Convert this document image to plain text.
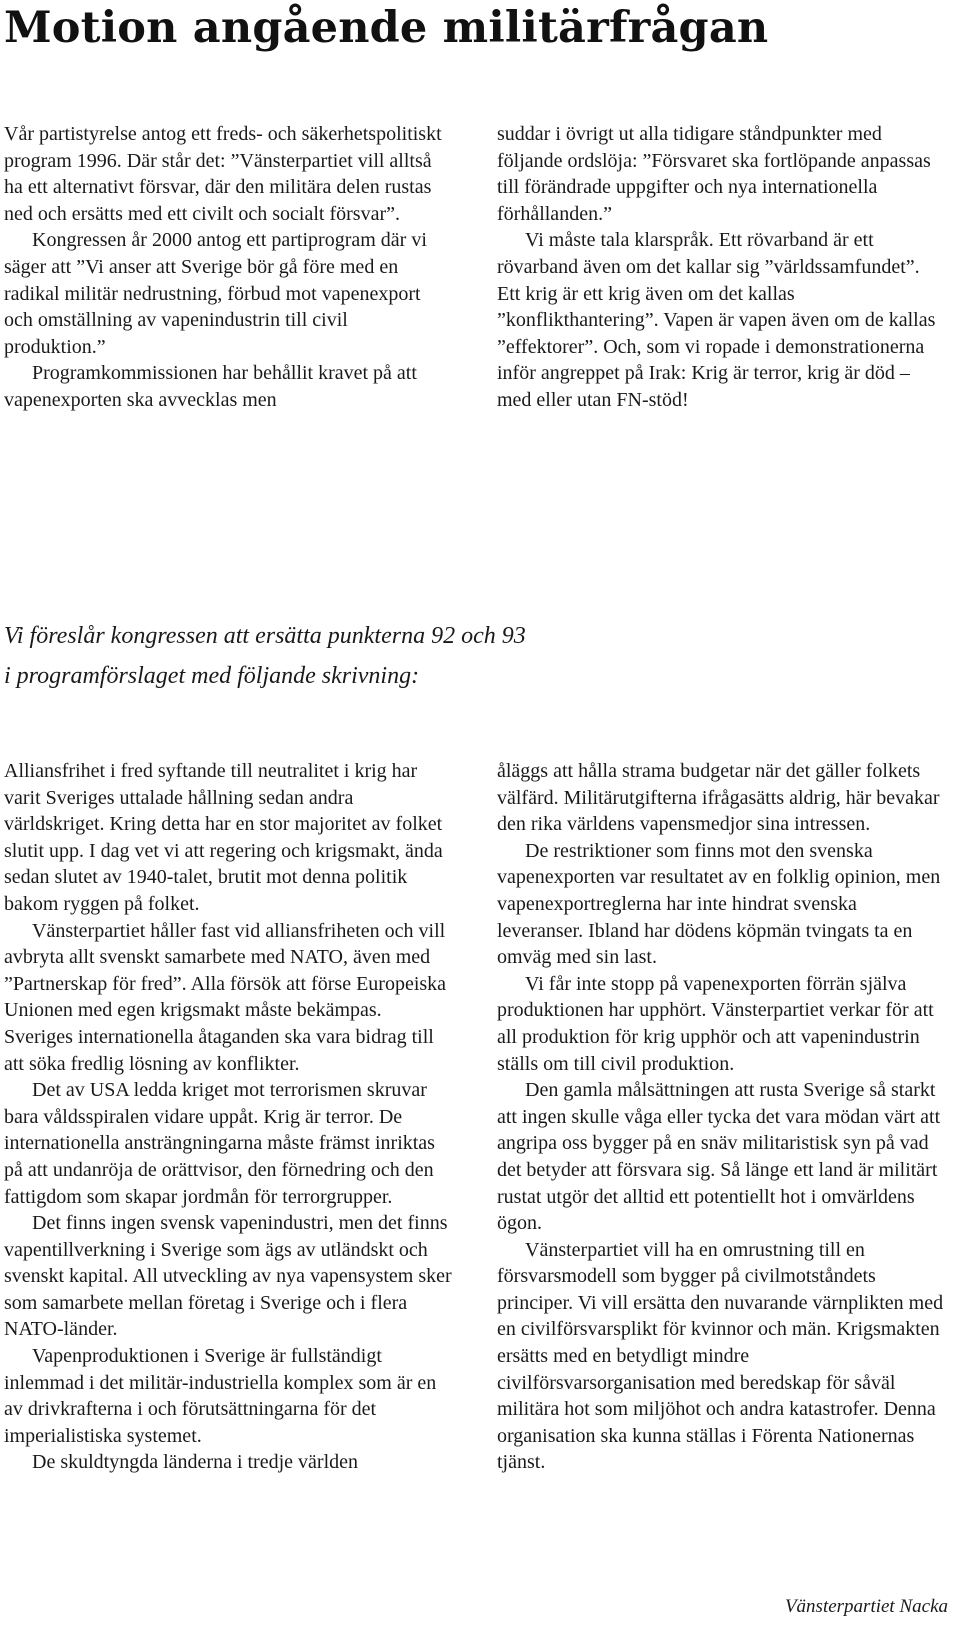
Motion angående militärfrågan

Vår partistyrelse antog ett freds- och säkerhetspolitiskt program 1996. Där står det: ”Vänsterpartiet vill alltså ha ett alternativt försvar, där den militära delen rustas ned och ersätts med ett civilt och socialt försvar”.

Kongressen år 2000 antog ett partiprogram där vi säger att ”Vi anser att Sverige bör gå före med en radikal militär nedrustning, förbud mot vapenexport och omställning av vapenindustrin till civil produktion.”

Programkommissionen har behållit kravet på att vapenexporten ska avvecklas men

suddar i övrigt ut alla tidigare ståndpunkter med följande ordslöja: ”Försvaret ska fortlöpande anpassas till förändrade uppgifter och nya internationella förhållanden.”

Vi måste tala klarspråk. Ett rövarband är ett rövarband även om det kallar sig ”världssamfundet”. Ett krig är ett krig även om det kallas ”konflikthantering”. Vapen är vapen även om de kallas ”effektorer”. Och, som vi ropade i demonstrationerna inför angreppet på Irak: Krig är terror, krig är död – med eller utan FN-stöd!

Vi föreslår kongressen att ersätta punkterna 92 och 93
i programförslaget med följande skrivning:

Alliansfrihet i fred syftande till neutralitet i krig har varit Sveriges uttalade hållning sedan andra världskriget. Kring detta har en stor majoritet av folket slutit upp. I dag vet vi att regering och krigsmakt, ända sedan slutet av 1940-talet, brutit mot denna politik bakom ryggen på folket.

Vänsterpartiet håller fast vid alliansfriheten och vill avbryta allt svenskt samarbete med NATO, även med ”Partnerskap för fred”. Alla försök att förse Europeiska Unionen med egen krigsmakt måste bekämpas. Sveriges internationella åtaganden ska vara bidrag till att söka fredlig lösning av konflikter.

Det av USA ledda kriget mot terrorismen skruvar bara våldsspiralen vidare uppåt. Krig är terror. De internationella ansträngningarna måste främst inriktas på att undanröja de orättvisor, den förnedring och den fattigdom som skapar jordmån för terrorgrupper.

Det finns ingen svensk vapenindustri, men det finns vapentillverkning i Sverige som ägs av utländskt och svenskt kapital. All utveckling av nya vapensystem sker som samarbete mellan företag i Sverige och i flera NATO-länder.

Vapenproduktionen i Sverige är fullständigt inlemmad i det militär-industriella komplex som är en av drivkrafterna i och förutsättningarna för det imperialistiska systemet.

De skuldtyngda länderna i tredje världen

åläggs att hålla strama budgetar när det gäller folkets välfärd. Militärutgifterna ifrågasätts aldrig, här bevakar den rika världens vapensmedjor sina intressen.

De restriktioner som finns mot den svenska vapenexporten var resultatet av en folklig opinion, men vapenexportreglerna har inte hindrat svenska leveranser. Ibland har dödens köpmän tvingats ta en omväg med sin last.

Vi får inte stopp på vapenexporten förrän själva produktionen har upphört. Vänsterpartiet verkar för att all produktion för krig upphör och att vapenindustrin ställs om till civil produktion.

Den gamla målsättningen att rusta Sverige så starkt att ingen skulle våga eller tycka det vara mödan värt att angripa oss bygger på en snäv militaristisk syn på vad det betyder att försvara sig. Så länge ett land är militärt rustat utgör det alltid ett potentiellt hot i omvärldens ögon.

Vänsterpartiet vill ha en omrustning till en försvarsmodell som bygger på civilmotståndets principer. Vi vill ersätta den nuvarande värnplikten med en civilförsvarsplikt för kvinnor och män. Krigsmakten ersätts med en betydligt mindre civilförsvarsorganisation med beredskap för såväl militära hot som miljöhot och andra katastrofer. Denna organisation ska kunna ställas i Förenta Nationernas tjänst.

Vänsterpartiet Nacka
